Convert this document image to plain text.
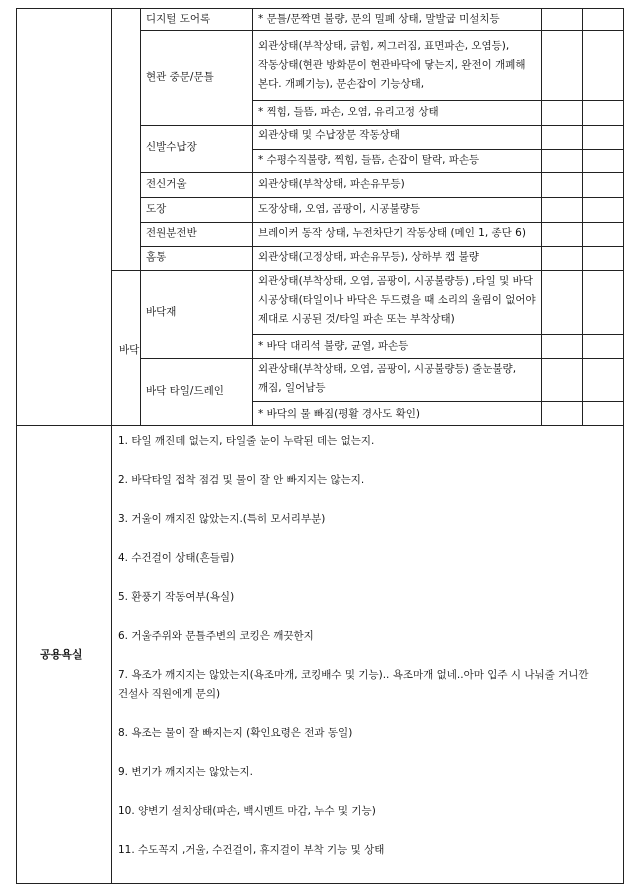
디지털 도어록
현관 중문/문틀
신발수납장
전신거울
도장
전원분전반
홈통
바닥재
바닥 타일/드레인
바닥
* 문틀/문짝면 불량, 문의 밀폐 상태, 말발굽 미설치등
외관상태(부착상태, 긁힘, 찌그러짐, 표면파손, 오염등),
작동상태(현관 방화문이 현관바닥에 닿는지, 완전이 개폐해
본다. 개폐기능), 문손잡이 기능상태,
* 찍힘, 들뜸, 파손, 오염, 유리고정 상태
외관상태 및 수납장문 작동상태
* 수평수직불량, 찍힘, 들뜸, 손잡이 탈락, 파손등
외관상태(부착상태, 파손유무등)
도장상태, 오염, 곰팡이, 시공불량등
브레이커 동작 상태, 누전차단기 작동상태 (메인 1, 종단 6)
외관상태(고정상태, 파손유무등), 상하부 캡 불량
외관상태(부착상태, 오염, 곰팡이, 시공불량등) ,타일 및 바닥
시공상태(타일이나 바닥은 두드렸을 때 소리의 울림이 없어야
제대로 시공된 것/타일 파손 또는 부착상태)
* 바닥 대리석 불량, 균열, 파손등
외관상태(부착상태, 오염, 곰팡이, 시공불량등) 줄눈불량,
깨짐, 일어남등
* 바닥의 물 빠짐(평활 경사도 확인)
공용욕실
1. 타일 깨진데 없는지, 타일줄 눈이 누락된 데는 없는지.
2. 바닥타일 접착 점검 및 물이 잘 안 빠지지는 않는지.
3. 거울이 깨지진 않았는지.(특히 모서리부분)
4. 수건걸이 상태(흔들림)
5. 환풍기 작동여부(욕실)
6. 거울주위와 문틀주변의 코킹은 깨끗한지
7. 욕조가 깨지지는 않았는지(욕조마개, 코킹배수 및 기능).. 욕조마개 없네..아마 입주 시 나눠줄 거니깐
건설사 직원에게 문의)
8. 욕조는 물이 잘 빠지는지 (확인요령은 전과 동일)
9. 변기가 깨지지는 않았는지.
10. 양변기 설치상태(파손, 백시멘트 마감, 누수 및 기능)
11. 수도꼭지 ,거울, 수건걸이, 휴지걸이 부착 기능 및 상태
